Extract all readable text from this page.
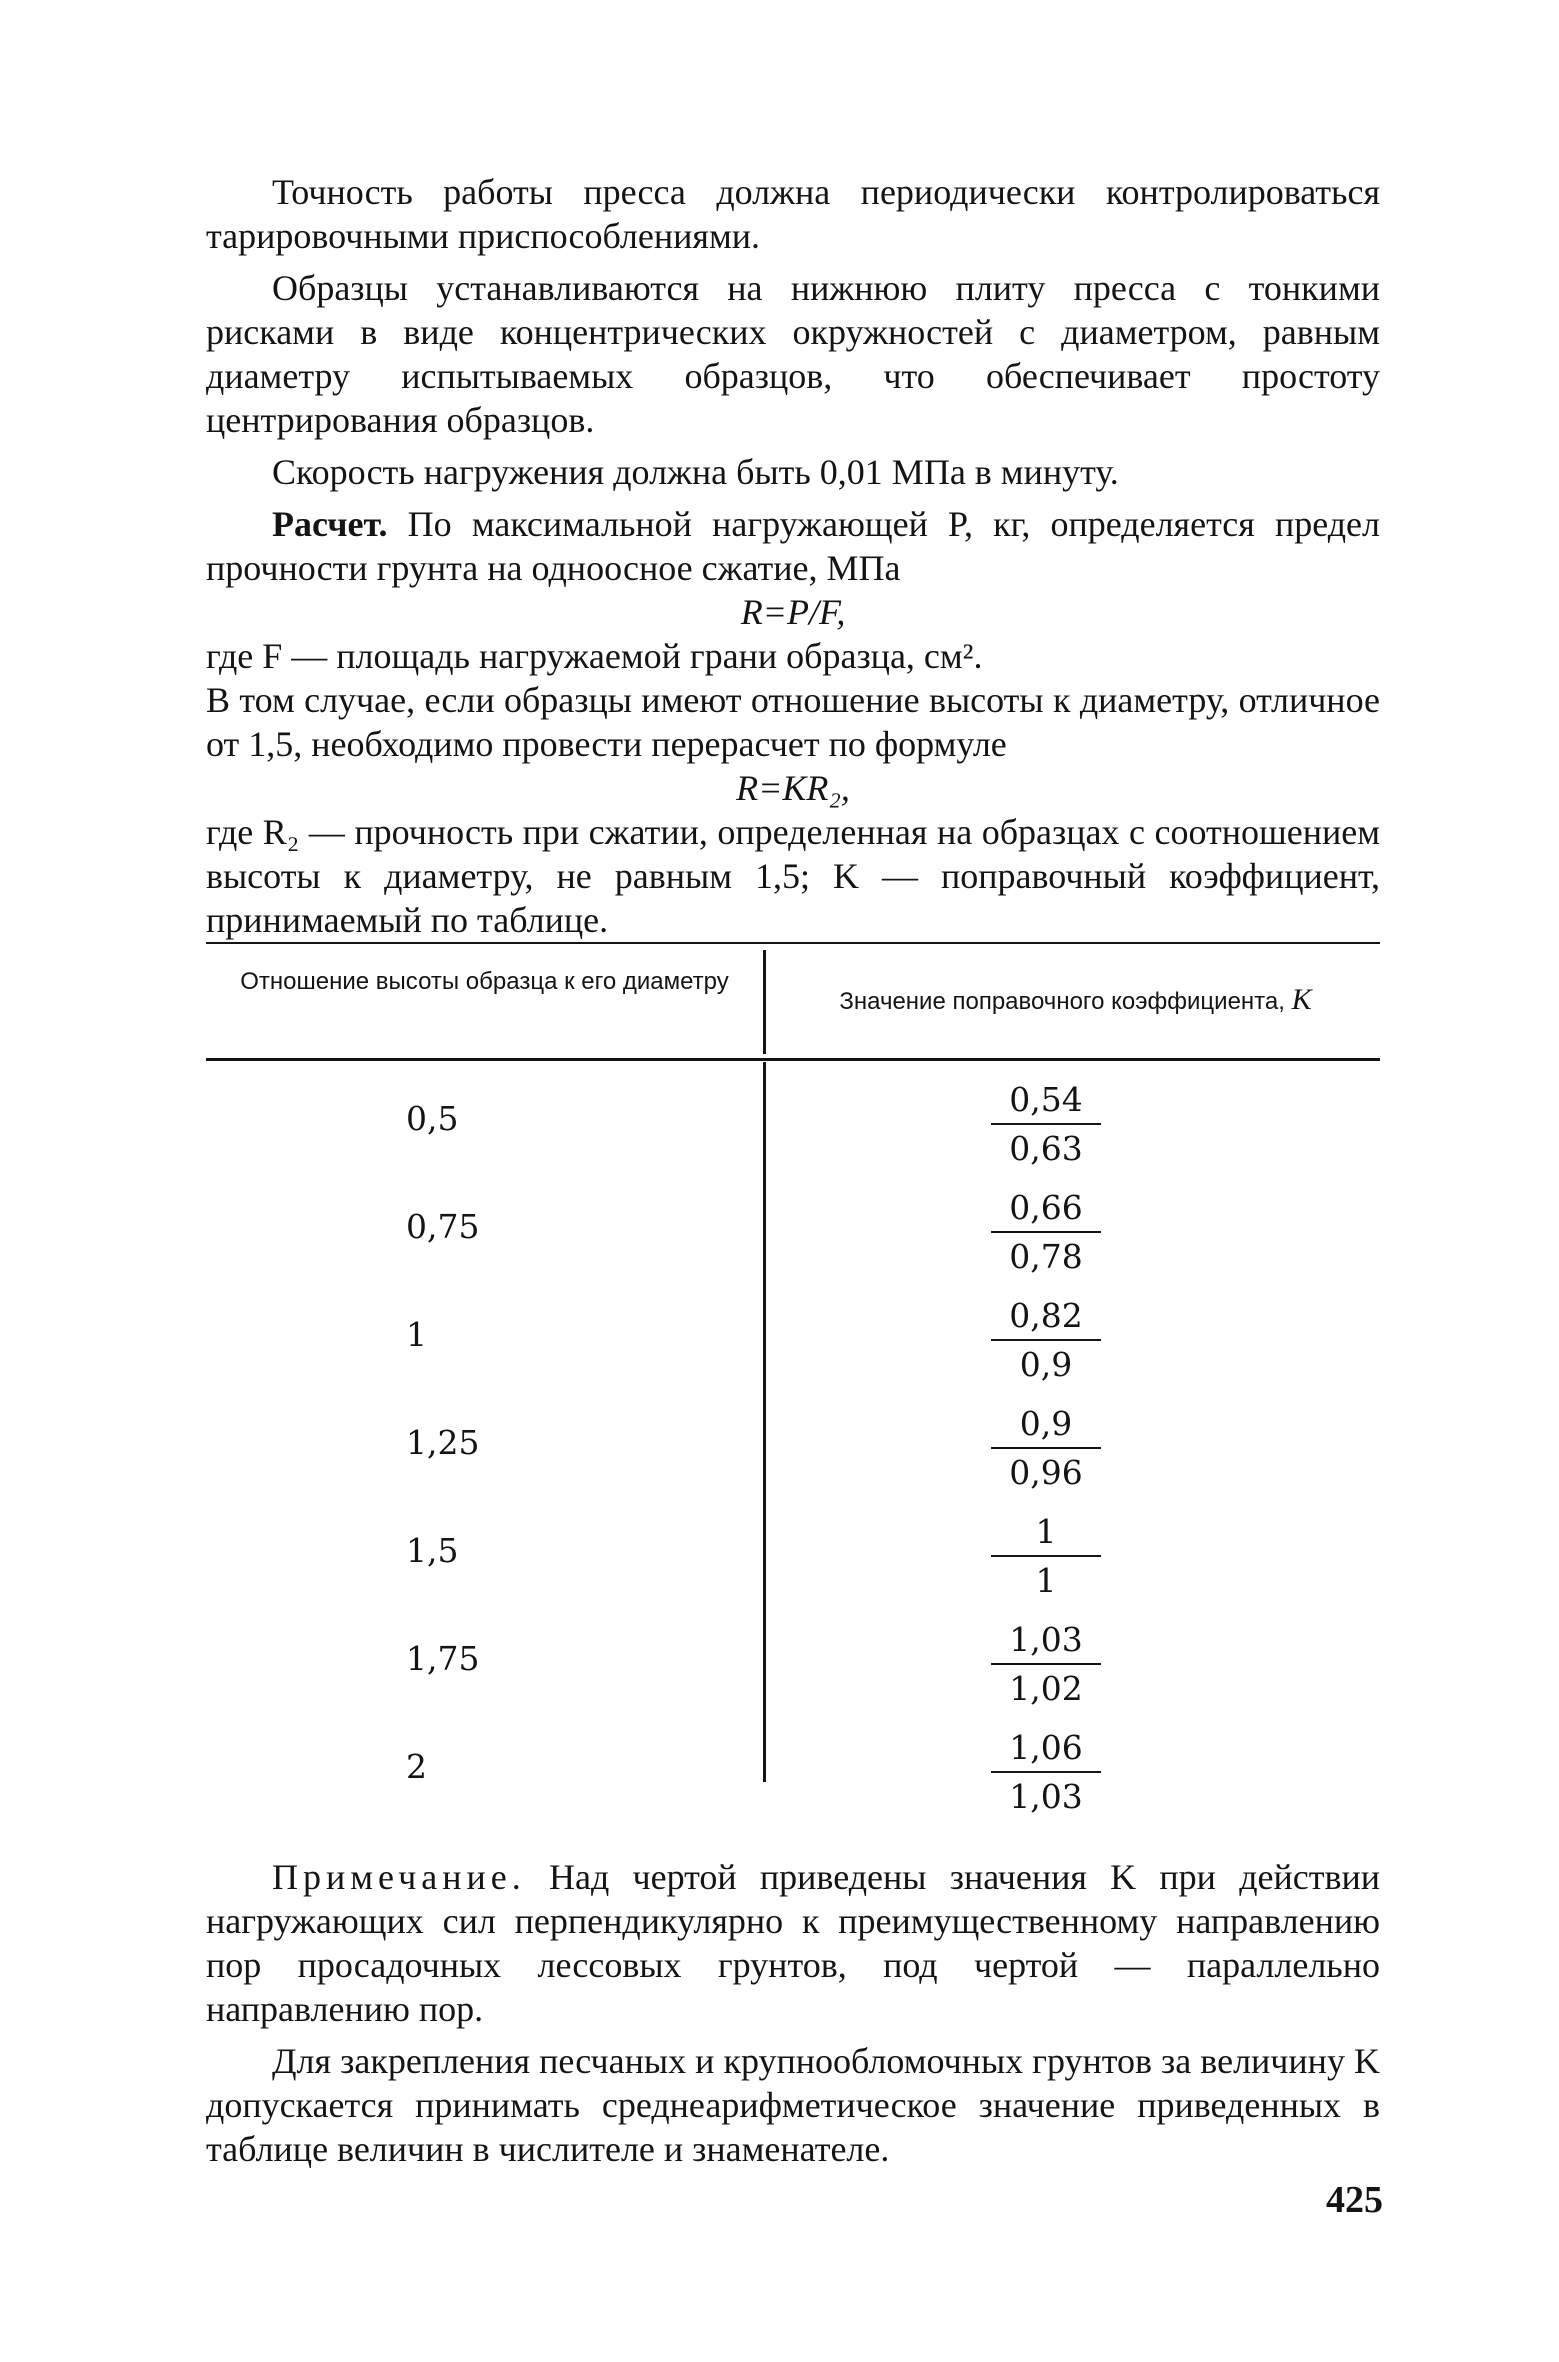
Точность работы пресса должна периодически контролироваться тарировочными приспособлениями.

Образцы устанавливаются на нижнюю плиту пресса с тонкими рисками в виде концентрических окружностей с диаметром, равным диаметру испытываемых образцов, что обеспечивает простоту центрирования образцов.

Скорость нагружения должна быть 0,01 МПа в минуту.

Расчет. По максимальной нагружающей P, кг, определяется предел прочности грунта на одноосное сжатие, МПа

R=P/F,

где F — площадь нагружаемой грани образца, см².

В том случае, если образцы имеют отношение высоты к диаметру, отличное от 1,5, необходимо провести перерасчет по формуле

R=KR₂,

где R₂ — прочность при сжатии, определенная на образцах с соотношением высоты к диаметру, не равным 1,5; K — поправочный коэффициент, принимаемый по таблице.

Отношение высоты образца к его диаметру
Значение поправочного коэффициента, K
0,5	$\frac{0,54}{0,63}$
0,75	$\frac{0,66}{0,78}$
1	$\frac{0,82}{0,9}$
1,25	$\frac{0,9}{0,96}$
1,5	$\frac{1}{1}$
1,75	$\frac{1,03}{1,02}$
2	$\frac{1,06}{1,03}$

Примечание. Над чертой приведены значения K при действии нагружающих сил перпендикулярно к преимущественному направлению пор просадочных лессовых грунтов, под чертой — параллельно направлению пор.

Для закрепления песчаных и крупнообломочных грунтов за величину K допускается принимать среднеарифметическое значение приведенных в таблице величин в числителе и знаменателе.

425
